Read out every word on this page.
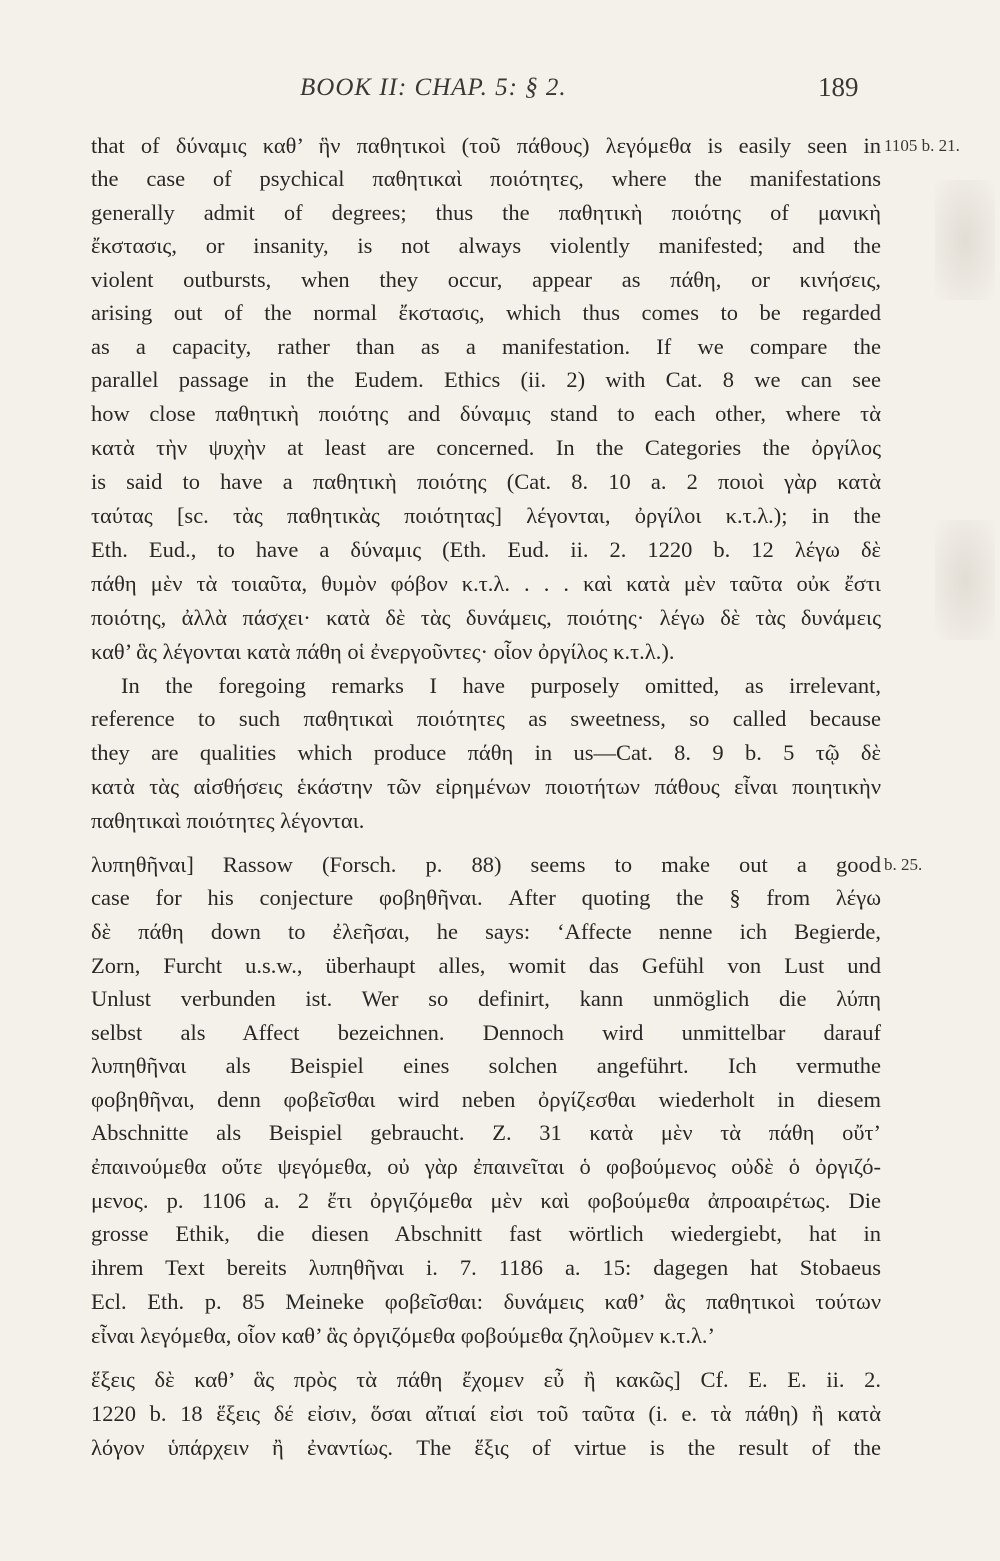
BOOK II: CHAP. 5: § 2.	189
that of δύναμις καθ’ ἣν παθητικοὶ (τοῦ πάθους) λεγόμεθα is easily seen in
the case of psychical παθητικαὶ ποιότητες, where the manifestations
generally admit of degrees; thus the παθητικὴ ποιότης of μανικὴ
ἔκστασις, or insanity, is not always violently manifested; and the
violent outbursts, when they occur, appear as πάθη, or κινήσεις,
arising out of the normal ἔκστασις, which thus comes to be regarded
as a capacity, rather than as a manifestation. If we compare the
parallel passage in the Eudem. Ethics (ii. 2) with Cat. 8 we can see
how close παθητικὴ ποιότης and δύναμις stand to each other, where τὰ
κατὰ τὴν ψυχὴν at least are concerned. In the Categories the ὀργίλος
is said to have a παθητικὴ ποιότης (Cat. 8. 10 a. 2 ποιοὶ γὰρ κατὰ
ταύτας [sc. τὰς παθητικὰς ποιότητας] λέγονται, ὀργίλοι κ.τ.λ.); in the
Eth. Eud., to have a δύναμις (Eth. Eud. ii. 2. 1220 b. 12 λέγω δὲ
πάθη μὲν τὰ τοιαῦτα, θυμὸν φόβον κ.τ.λ. . . . καὶ κατὰ μὲν ταῦτα οὐκ ἔστι
ποιότης, ἀλλὰ πάσχει· κατὰ δὲ τὰς δυνάμεις, ποιότης· λέγω δὲ τὰς δυνάμεις
καθ’ ἃς λέγονται κατὰ πάθη οἱ ἐνεργοῦντες· οἷον ὀργίλος κ.τ.λ.).
In the foregoing remarks I have purposely omitted, as irrelevant,
reference to such παθητικαὶ ποιότητες as sweetness, so called because
they are qualities which produce πάθη in us—Cat. 8. 9 b. 5 τῷ δὲ
κατὰ τὰς αἰσθήσεις ἑκάστην τῶν εἰρημένων ποιοτήτων πάθους εἶναι ποιητικὴν
παθητικαὶ ποιότητες λέγονται.
λυπηθῆναι] Rassow (Forsch. p. 88) seems to make out a good
case for his conjecture φοβηθῆναι. After quoting the § from λέγω
δὲ πάθη down to ἐλεῆσαι, he says: ‘Affecte nenne ich Begierde,
Zorn, Furcht u.s.w., überhaupt alles, womit das Gefühl von Lust und
Unlust verbunden ist. Wer so definirt, kann unmöglich die λύπη
selbst als Affect bezeichnen. Dennoch wird unmittelbar darauf
λυπηθῆναι als Beispiel eines solchen angeführt. Ich vermuthe
φοβηθῆναι, denn φοβεῖσθαι wird neben ὀργίζεσθαι wiederholt in diesem
Abschnitte als Beispiel gebraucht. Z. 31 κατὰ μὲν τὰ πάθη οὔτ’
ἐπαινούμεθα οὔτε ψεγόμεθα, οὐ γὰρ ἐπαινεῖται ὁ φοβούμενος οὐδὲ ὁ ὀργιζό-
μενος. p. 1106 a. 2 ἔτι ὀργιζόμεθα μὲν καὶ φοβούμεθα ἀπροαιρέτως. Die
grosse Ethik, die diesen Abschnitt fast wörtlich wiedergiebt, hat in
ihrem Text bereits λυπηθῆναι i. 7. 1186 a. 15: dagegen hat Stobaeus
Ecl. Eth. p. 85 Meineke φοβεῖσθαι: δυνάμεις καθ’ ἃς παθητικοὶ τούτων
εἶναι λεγόμεθα, οἷον καθ’ ἃς ὀργιζόμεθα φοβούμεθα ζηλοῦμεν κ.τ.λ.’
ἕξεις δὲ καθ’ ἃς πρὸς τὰ πάθη ἔχομεν εὖ ἢ κακῶς] Cf. E. E. ii. 2.
1220 b. 18 ἕξεις δέ εἰσιν, ὅσαι αἴτιαί εἰσι τοῦ ταῦτα (i. e. τὰ πάθη) ἢ κατὰ
λόγον ὑπάρχειν ἢ ἐναντίως. The ἕξις of virtue is the result of the
1105 b. 21.
b. 25.
